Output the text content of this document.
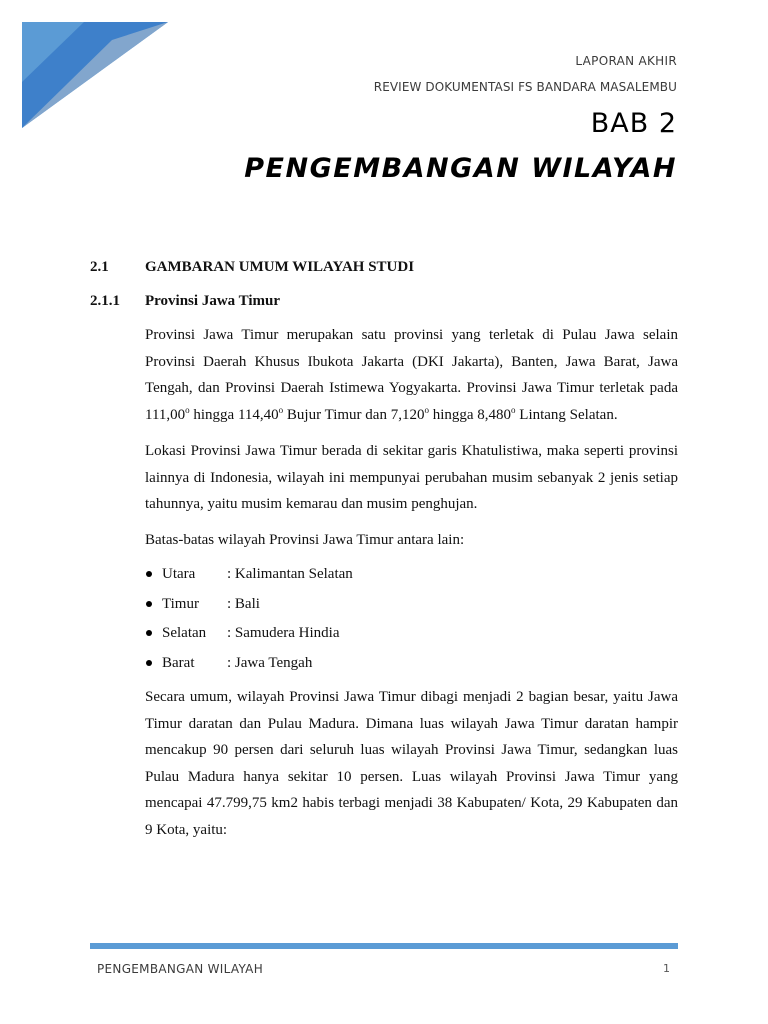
LAPORAN AKHIR
REVIEW DOKUMENTASI FS BANDARA MASALEMBU
BAB 2
PENGEMBANGAN WILAYAH
2.1 GAMBARAN UMUM WILAYAH STUDI
2.1.1 Provinsi Jawa Timur
Provinsi Jawa Timur merupakan satu provinsi yang terletak di Pulau Jawa selain Provinsi Daerah Khusus Ibukota Jakarta (DKI Jakarta), Banten, Jawa Barat, Jawa Tengah, dan Provinsi Daerah Istimewa Yogyakarta. Provinsi Jawa Timur terletak pada 111,00$^o$ hingga 114,40$^o$ Bujur Timur dan 7,120$^o$ hingga 8,480$^o$ Lintang Selatan.
Lokasi Provinsi Jawa Timur berada di sekitar garis Khatulistiwa, maka seperti provinsi lainnya di Indonesia, wilayah ini mempunyai perubahan musim sebanyak 2 jenis setiap tahunnya, yaitu musim kemarau dan musim penghujan.
Batas-batas wilayah Provinsi Jawa Timur antara lain:
Utara : Kalimantan Selatan
Timur : Bali
Selatan : Samudera Hindia
Barat : Jawa Tengah
Secara umum, wilayah Provinsi Jawa Timur dibagi menjadi 2 bagian besar, yaitu Jawa Timur daratan dan Pulau Madura. Dimana luas wilayah Jawa Timur daratan hampir mencakup 90 persen dari seluruh luas wilayah Provinsi Jawa Timur, sedangkan luas Pulau Madura hanya sekitar 10 persen. Luas wilayah Provinsi Jawa Timur yang mencapai 47.799,75 km2 habis terbagi menjadi 38 Kabupaten/ Kota, 29 Kabupaten dan 9 Kota, yaitu:
PENGEMBANGAN WILAYAH	1
